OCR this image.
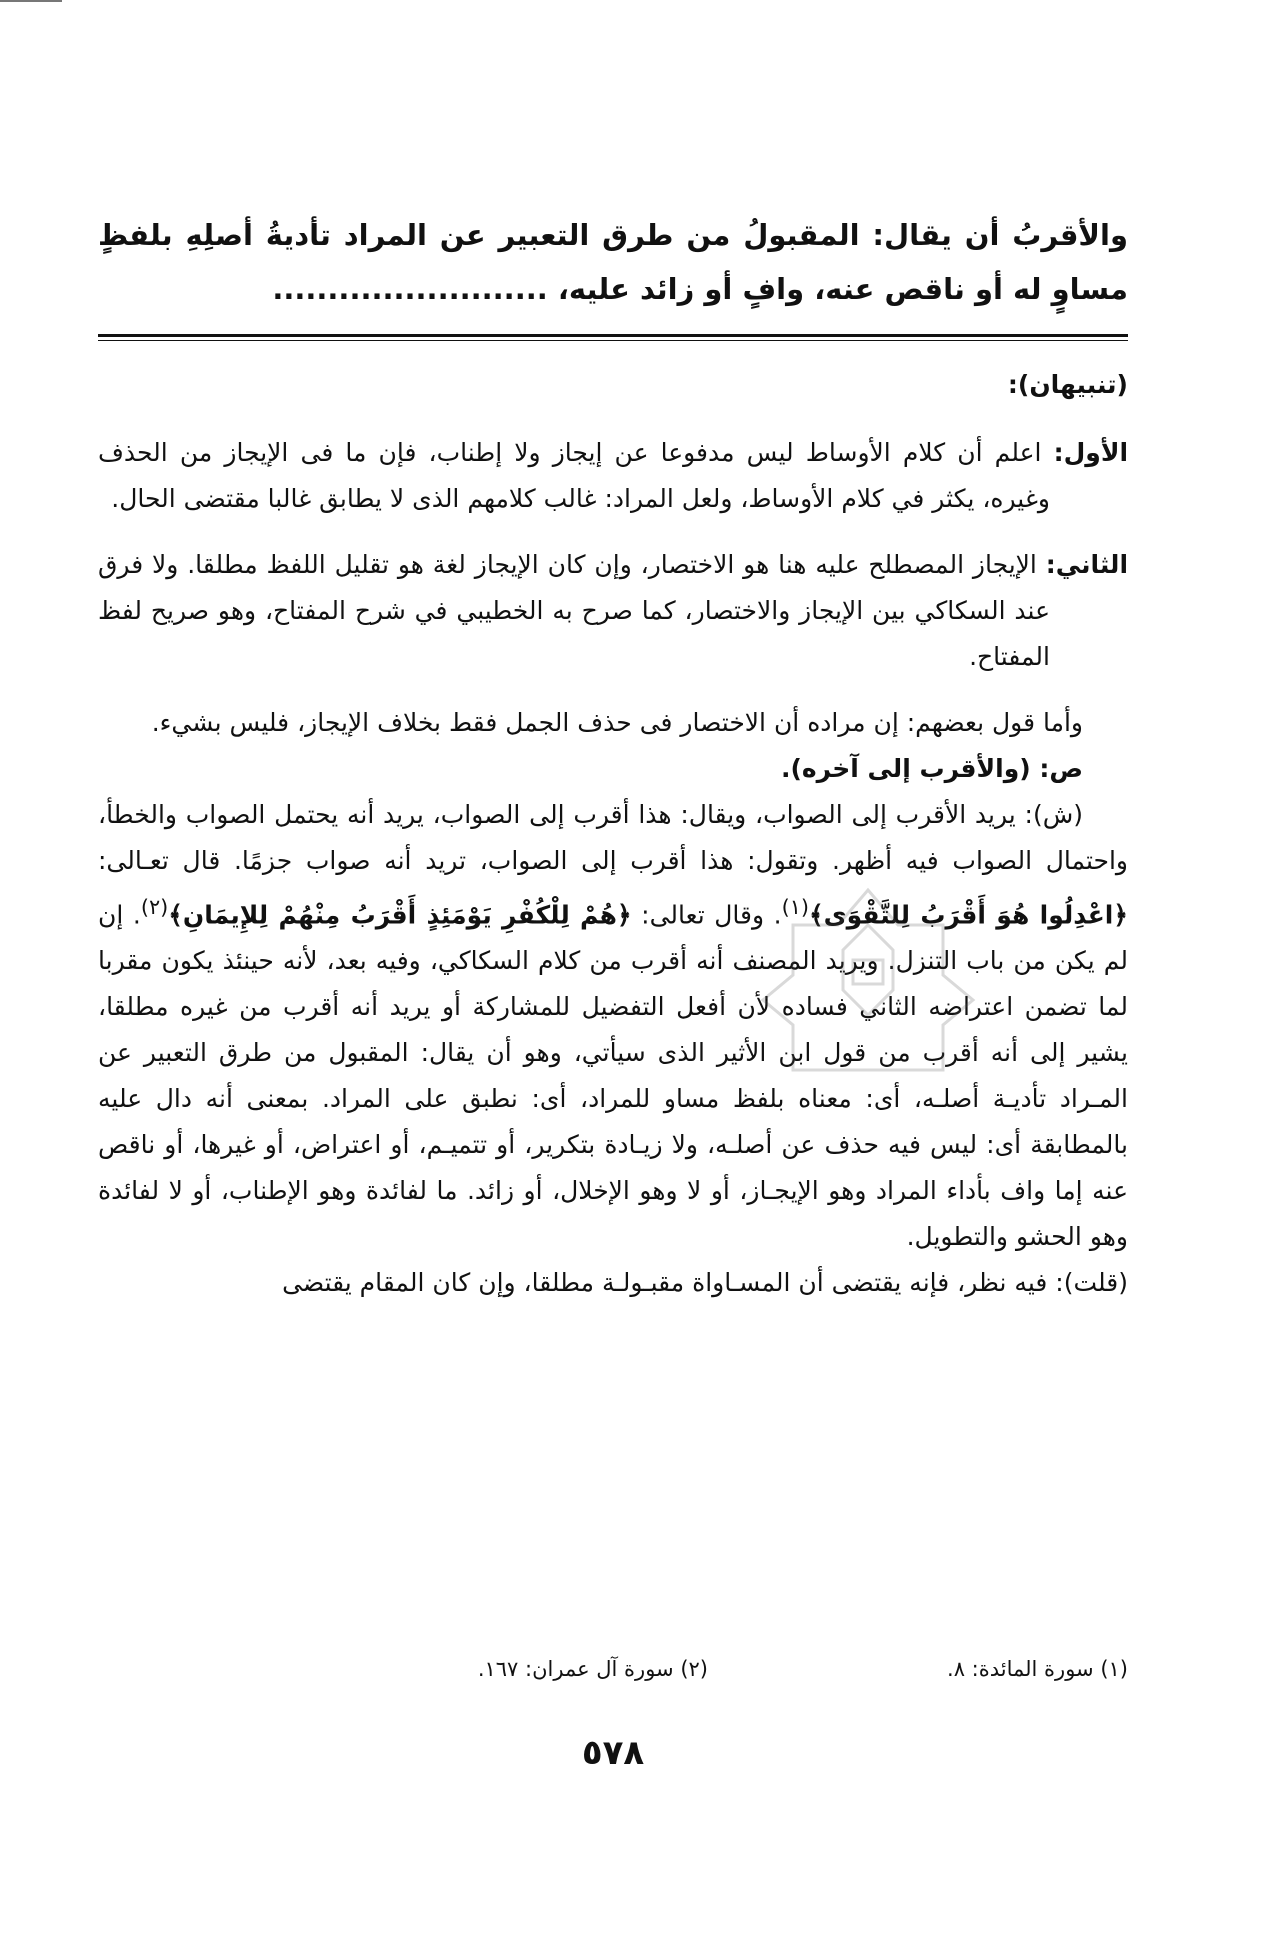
والأقربُ أن يقال: المقبولُ من طرق التعبير عن المراد تأديةُ أصلِهِ بلفظٍ مساوٍ له أو ناقص عنه، وافٍ أو زائد عليه، .........................

(تنبيهان):

الأول: اعلم أن كلام الأوساط ليس مدفوعا عن إيجاز ولا إطناب، فإن ما فى الإيجاز من الحذف وغيره، يكثر في كلام الأوساط، ولعل المراد: غالب كلامهم الذى لا يطابق غالبا مقتضى الحال.

الثاني: الإيجاز المصطلح عليه هنا هو الاختصار، وإن كان الإيجاز لغة هو تقليل اللفظ مطلقا. ولا فرق عند السكاكي بين الإيجاز والاختصار، كما صرح به الخطيبي في شرح المفتاح، وهو صريح لفظ المفتاح.

وأما قول بعضهم: إن مراده أن الاختصار فى حذف الجمل فقط بخلاف الإيجاز، فليس بشيء.

ص: (والأقرب إلى آخره).

(ش): يريد الأقرب إلى الصواب، ويقال: هذا أقرب إلى الصواب، يريد أنه يحتمل الصواب والخطأ، واحتمال الصواب فيه أظهر. وتقول: هذا أقرب إلى الصواب، تريد أنه صواب جزمًا. قال تعـالى: ﴿اعْدِلُوا هُوَ أَقْرَبُ لِلتَّقْوَى﴾$^{(١)}$. وقال تعالى: ﴿هُمْ لِلْكُفْرِ يَوْمَئِذٍ أَقْرَبُ مِنْهُمْ لِلإِيمَانِ﴾$^{(٢)}$. إن لم يكن من باب التنزل. ويريد المصنف أنه أقرب من كلام السكاكي، وفيه بعد، لأنه حينئذ يكون مقربا لما تضمن اعتراضه الثاني فساده لأن أفعل التفضيل للمشاركة أو يريد أنه أقرب من غيره مطلقا، يشير إلى أنه أقرب من قول ابن الأثير الذى سيأتي، وهو أن يقال: المقبول من طرق التعبير عن المـراد تأديـة أصلـه، أى: معناه بلفظ مساو للمراد، أى: نطبق على المراد. بمعنى أنه دال عليه بالمطابقة أى: ليس فيه حذف عن أصلـه، ولا زيـادة بتكرير، أو تتميـم، أو اعتراض، أو غيرها، أو ناقص عنه إما واف بأداء المراد وهو الإيجـاز، أو لا وهو الإخلال، أو زائد. ما لفائدة وهو الإطناب، أو لا لفائدة وهو الحشو والتطويل.

(قلت): فيه نظر، فإنه يقتضى أن المسـاواة مقبـولـة مطلقا، وإن كان المقام يقتضى

(١) سورة المائدة: ٨.
(٢) سورة آل عمران: ١٦٧.
٥٧٨
